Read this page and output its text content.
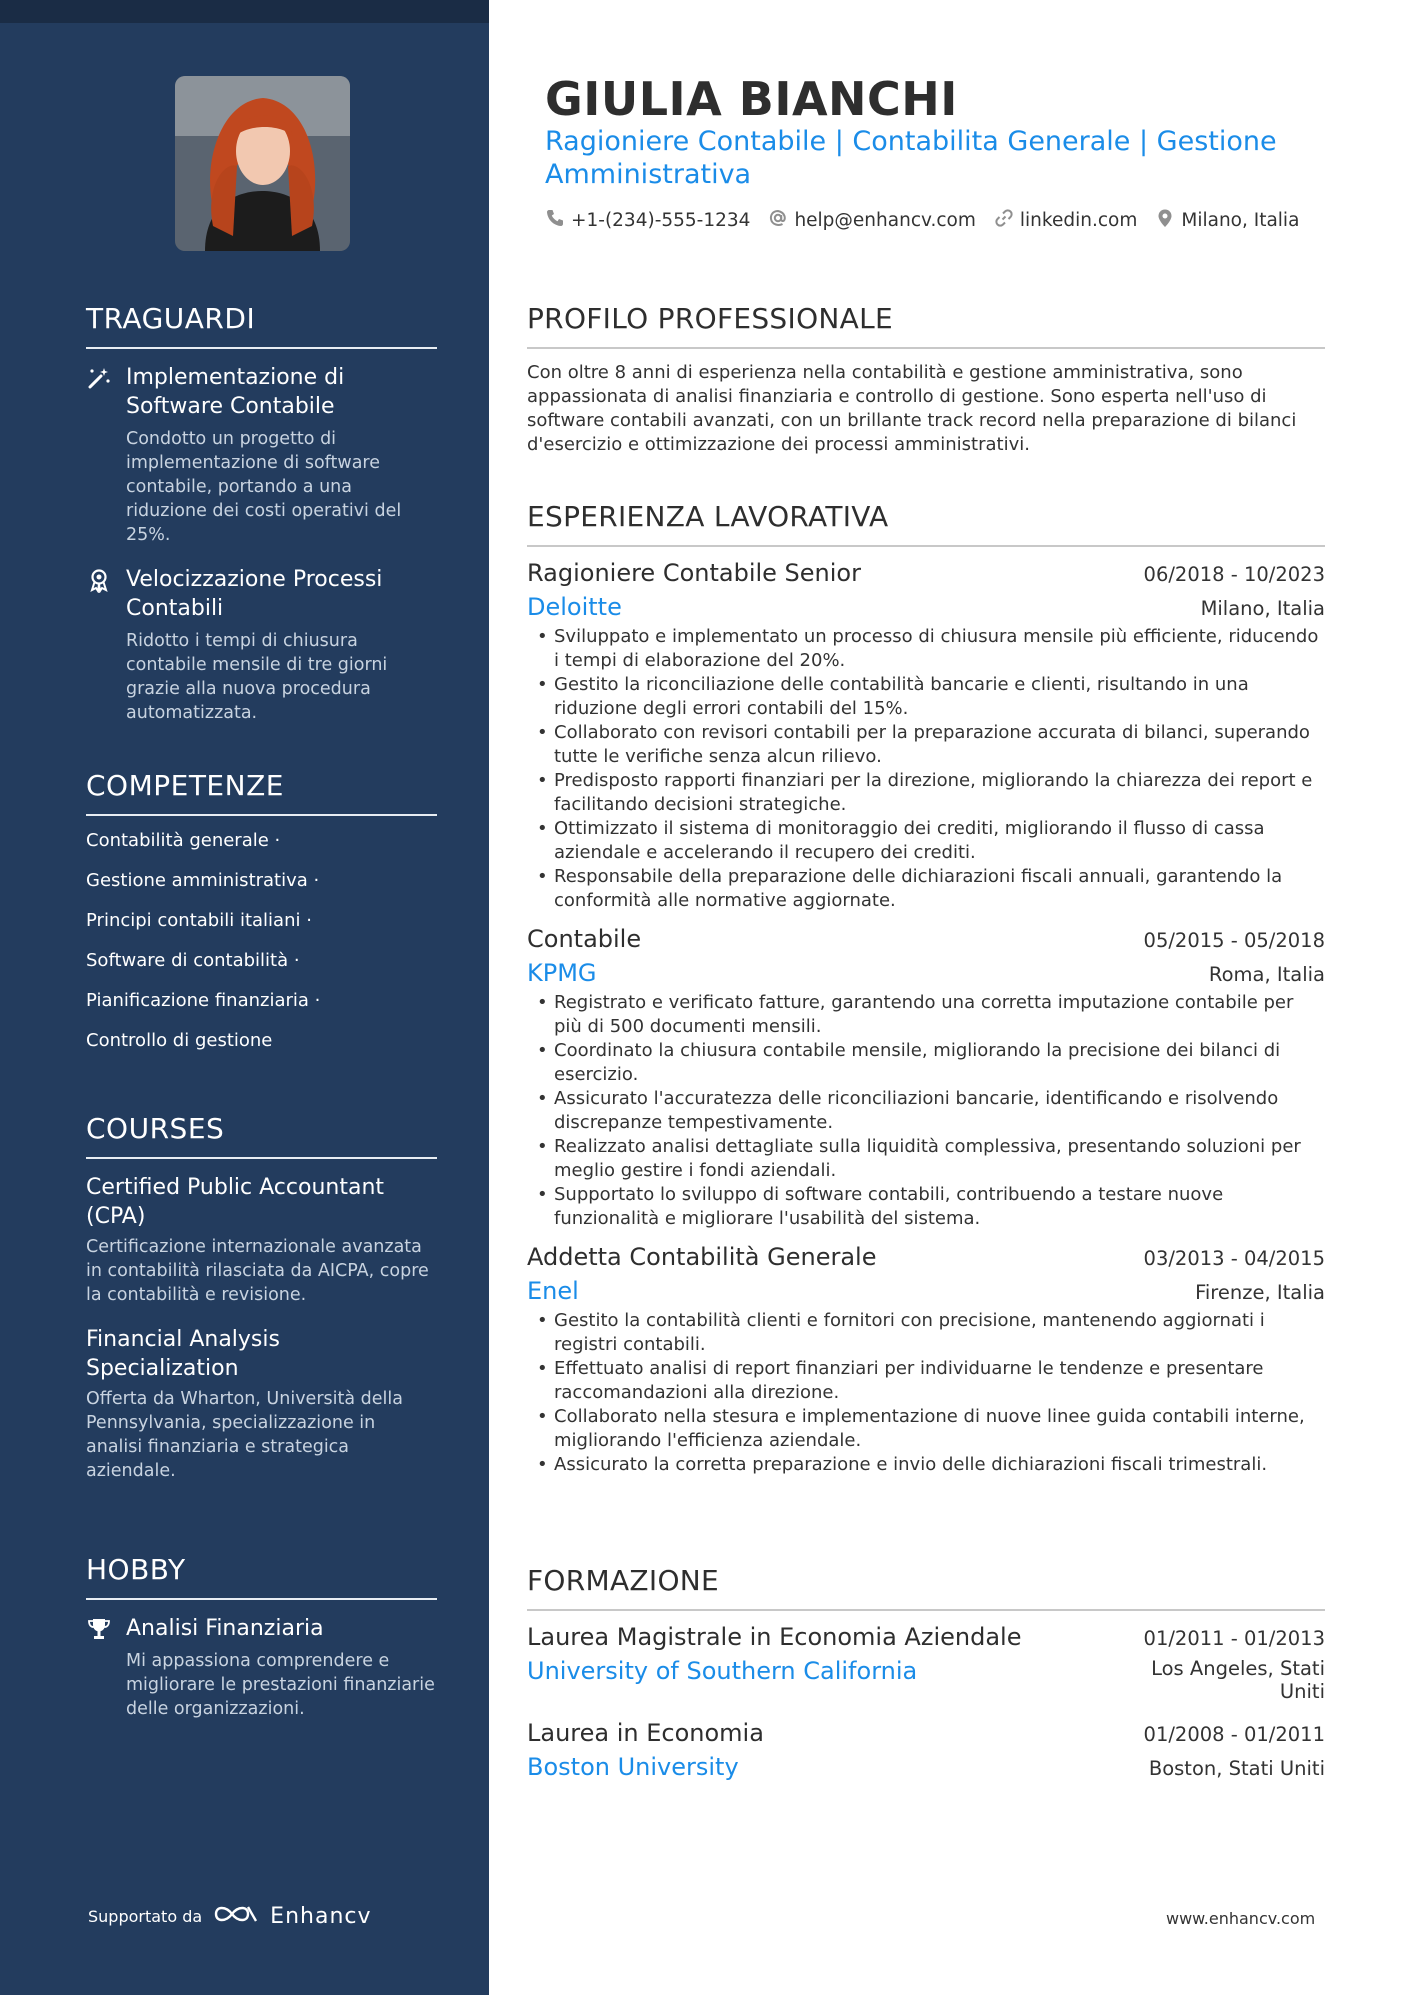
TRAGUARDI
Implementazione di Software Contabile
Condotto un progetto di implementazione di software contabile, portando a una riduzione dei costi operativi del 25%.
Velocizzazione Processi Contabili
Ridotto i tempi di chiusura contabile mensile di tre giorni grazie alla nuova procedura automatizzata.
COMPETENZE
Contabilità generale ·
Gestione amministrativa ·
Principi contabili italiani ·
Software di contabilità ·
Pianificazione finanziaria ·
Controllo di gestione
COURSES
Certified Public Accountant (CPA)
Certificazione internazionale avanzata in contabilità rilasciata da AICPA, copre la contabilità e revisione.
Financial Analysis Specialization
Offerta da Wharton, Università della Pennsylvania, specializzazione in analisi finanziaria e strategica aziendale.
HOBBY
Analisi Finanziaria
Mi appassiona comprendere e migliorare le prestazioni finanziarie delle organizzazioni.
Supportato da	Enhancv
GIULIA BIANCHI
Ragioniere Contabile | Contabilita Generale | Gestione Amministrativa
+1-(234)-555-1234 help@enhancv.com linkedin.com Milano, Italia
PROFILO PROFESSIONALE
Con oltre 8 anni di esperienza nella contabilità e gestione amministrativa, sono appassionata di analisi finanziaria e controllo di gestione. Sono esperta nell'uso di software contabili avanzati, con un brillante track record nella preparazione di bilanci d'esercizio e ottimizzazione dei processi amministrativi.
ESPERIENZA LAVORATIVA
Ragioniere Contabile Senior	06/2018 - 10/2023
Deloitte	Milano, Italia
• Sviluppato e implementato un processo di chiusura mensile più efficiente, riducendo i tempi di elaborazione del 20%.
• Gestito la riconciliazione delle contabilità bancarie e clienti, risultando in una riduzione degli errori contabili del 15%.
• Collaborato con revisori contabili per la preparazione accurata di bilanci, superando tutte le verifiche senza alcun rilievo.
• Predisposto rapporti finanziari per la direzione, migliorando la chiarezza dei report e facilitando decisioni strategiche.
• Ottimizzato il sistema di monitoraggio dei crediti, migliorando il flusso di cassa aziendale e accelerando il recupero dei crediti.
• Responsabile della preparazione delle dichiarazioni fiscali annuali, garantendo la conformità alle normative aggiornate.
Contabile	05/2015 - 05/2018
KPMG	Roma, Italia
• Registrato e verificato fatture, garantendo una corretta imputazione contabile per più di 500 documenti mensili.
• Coordinato la chiusura contabile mensile, migliorando la precisione dei bilanci di esercizio.
• Assicurato l'accuratezza delle riconciliazioni bancarie, identificando e risolvendo discrepanze tempestivamente.
• Realizzato analisi dettagliate sulla liquidità complessiva, presentando soluzioni per meglio gestire i fondi aziendali.
• Supportato lo sviluppo di software contabili, contribuendo a testare nuove funzionalità e migliorare l'usabilità del sistema.
Addetta Contabilità Generale	03/2013 - 04/2015
Enel	Firenze, Italia
• Gestito la contabilità clienti e fornitori con precisione, mantenendo aggiornati i registri contabili.
• Effettuato analisi di report finanziari per individuarne le tendenze e presentare raccomandazioni alla direzione.
• Collaborato nella stesura e implementazione di nuove linee guida contabili interne, migliorando l'efficienza aziendale.
• Assicurato la corretta preparazione e invio delle dichiarazioni fiscali trimestrali.
FORMAZIONE
Laurea Magistrale in Economia Aziendale	01/2011 - 01/2013
University of Southern California	Los Angeles, Stati Uniti
Laurea in Economia	01/2008 - 01/2011
Boston University	Boston, Stati Uniti
www.enhancv.com
